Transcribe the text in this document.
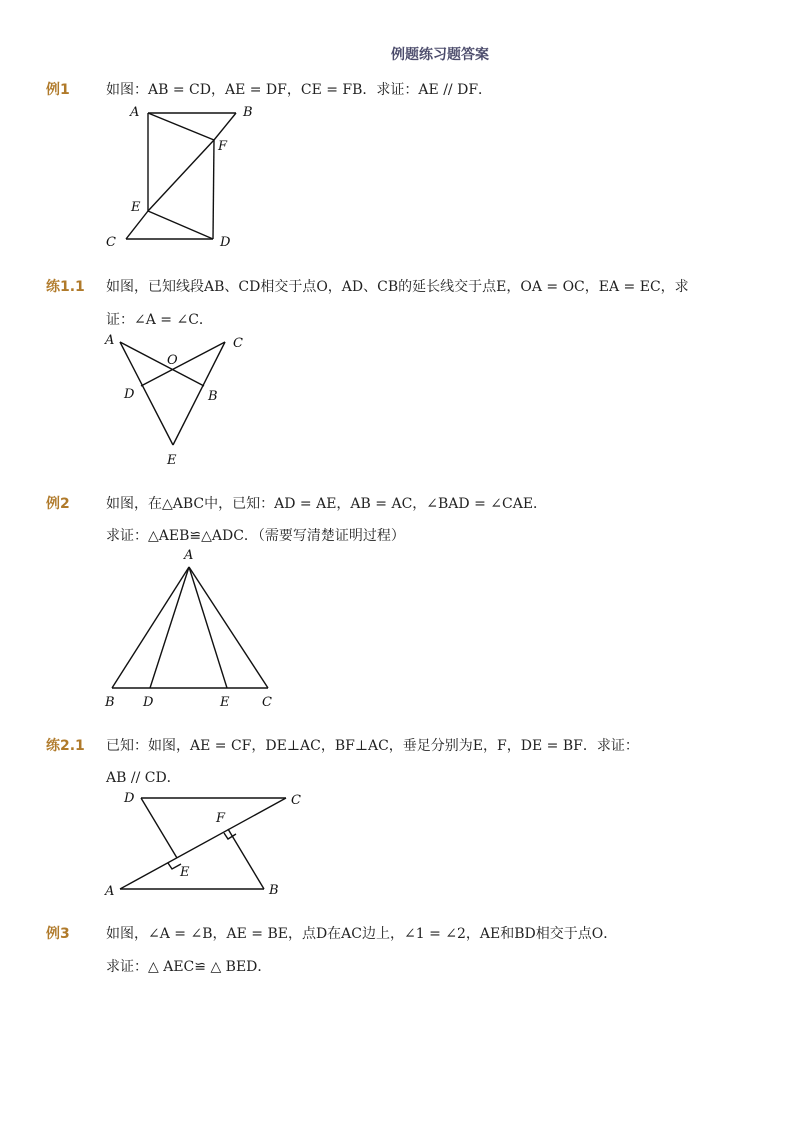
例题练习题答案
例1	如图：AB = CD，AE = DF，CE = FB．求证：AE // DF．
A	B
F
E
C	D
练1.1 如图，已知线段AB、CD相交于点O，AD、CB的延长线交于点E，OA = OC，EA = EC，求
证：∠A = ∠C．
A	C
O
D	B
E
例2	如图，在△ABC中，已知：AD = AE，AB = AC，∠BAD = ∠CAE．
求证：△AEB≌△ADC．（需要写清楚证明过程）
A
B D	E	C
练2.1 已知：如图，AE = CF，DE⊥AC，BF⊥AC，垂足分别为E，F，DE = BF．求证：
AB // CD．
D	C
F
E
A	B
例3	如图，∠A = ∠B，AE = BE，点D在AC边上，∠1 = ∠2，AE和BD相交于点O．
求证：△ AEC≌ △ BED．
